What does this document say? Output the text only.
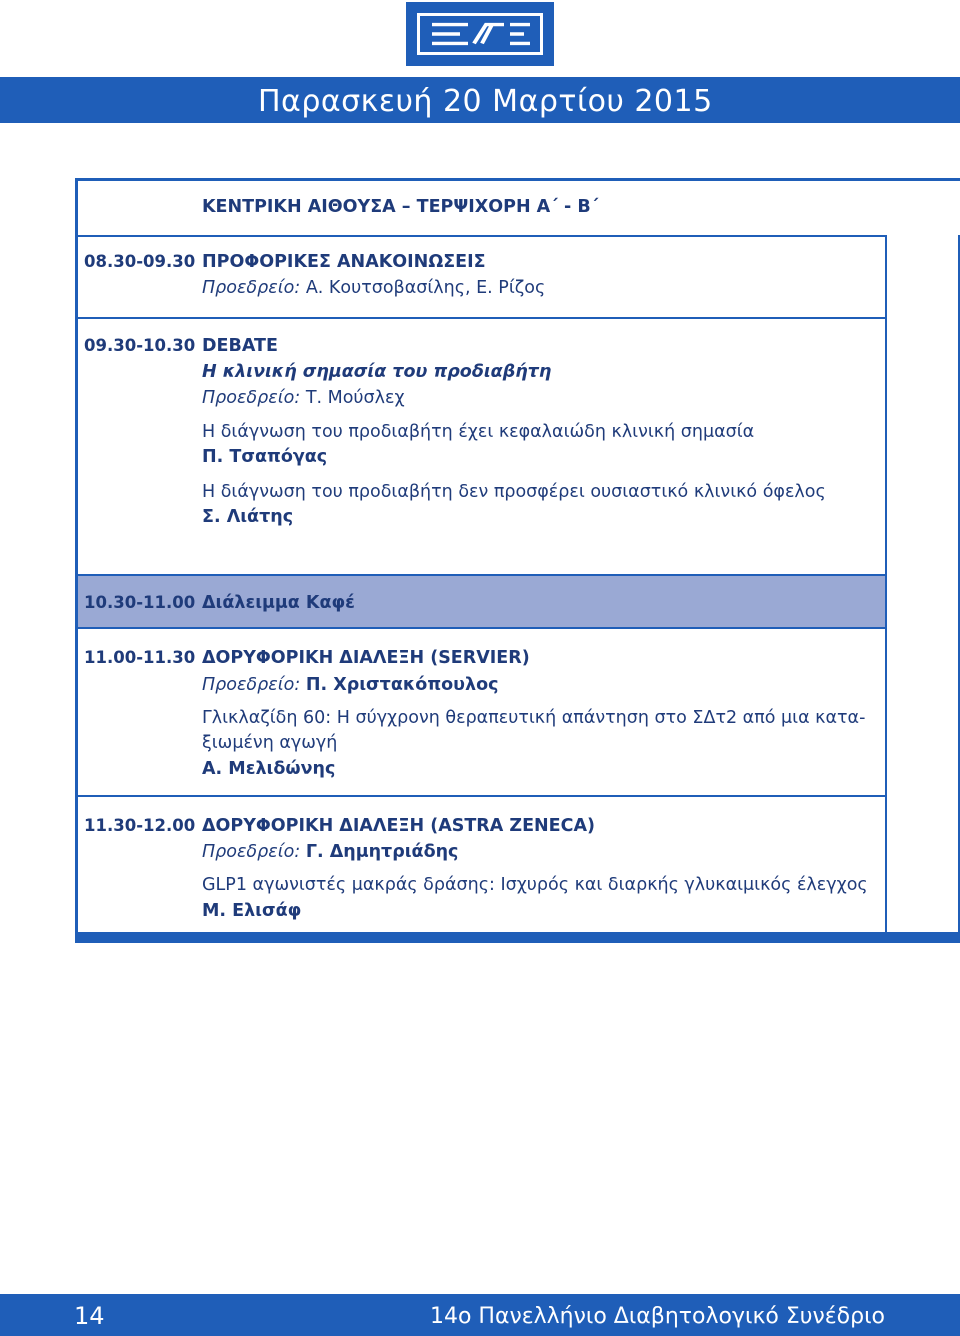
Παρασκευή 20 Μαρτίου 2015
ΚΕΝΤΡΙΚΗ ΑΙΘΟΥΣΑ – ΤΕΡΨΙΧΟΡΗ Α΄ - Β΄
08.30-09.30 ΠΡΟΦΟΡΙΚΕΣ ΑΝΑΚΟΙΝΩΣΕΙΣ
Προεδρείο: Α. Κουτσοβασίλης, Ε. Ρίζος
09.30-10.30 DEBATE
Η κλινική σημασία του προδιαβήτη
Προεδρείο: Τ. Μούσλεχ
Η διάγνωση του προδιαβήτη έχει κεφαλαιώδη κλινική σημασία
Π. Τσαπόγας
Η διάγνωση του προδιαβήτη δεν προσφέρει ουσιαστικό κλινικό όφελος
Σ. Λιάτης
10.30-11.00 Διάλειμμα Καφέ
11.00-11.30 ΔΟΡΥΦΟΡΙΚΗ ΔΙΑΛΕΞΗ (SERVIER)
Προεδρείο: Π. Χριστακόπουλος
Γλικλαζίδη 60: Η σύγχρονη θεραπευτική απάντηση στο ΣΔτ2 από μια κατα-
ξιωμένη αγωγή
Α. Μελιδώνης
11.30-12.00 ΔΟΡΥΦΟΡΙΚΗ ΔΙΑΛΕΞΗ (ASTRA ZENECA)
Προεδρείο: Γ. Δημητριάδης
GLP1 αγωνιστές μακράς δράσης: Ισχυρός και διαρκής γλυκαιμικός έλεγχος
Μ. Ελισάφ
14	14ο Πανελλήνιο Διαβητολογικό Συνέδριο
